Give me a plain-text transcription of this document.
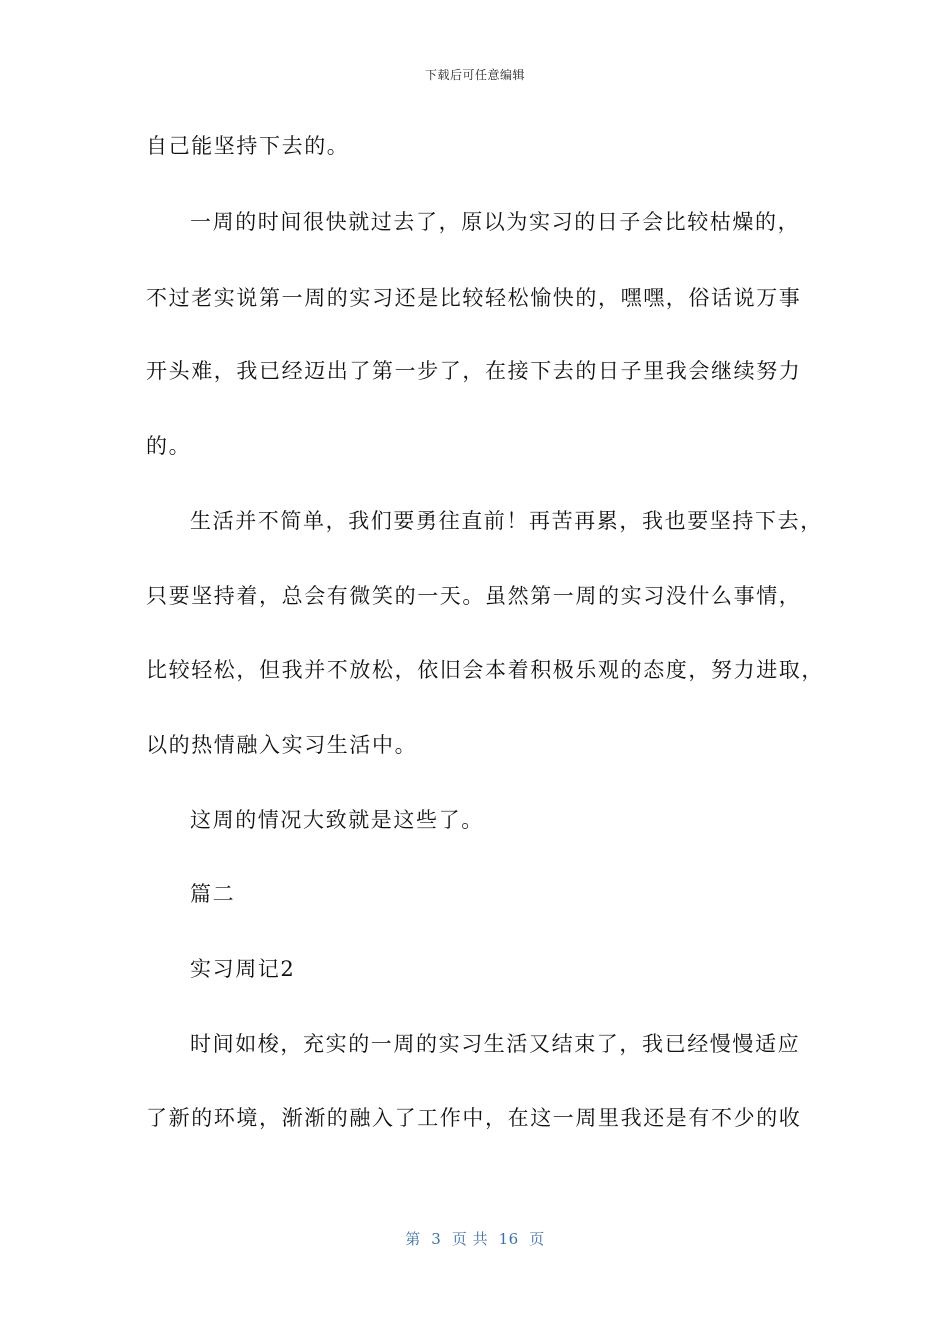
下载后可任意编辑
自己能坚持下去的。
一周的时间很快就过去了，原以为实习的日子会比较枯燥的，
不过老实说第一周的实习还是比较轻松愉快的，嘿嘿，俗话说万事
开头难，我已经迈出了第一步了，在接下去的日子里我会继续努力
的。
生活并不简单，我们要勇往直前！再苦再累，我也要坚持下去，
只要坚持着，总会有微笑的一天。虽然第一周的实习没什么事情，
比较轻松，但我并不放松，依旧会本着积极乐观的态度，努力进取，
以的热情融入实习生活中。
这周的情况大致就是这些了。
篇二
实习周记2
时间如梭，充实的一周的实习生活又结束了，我已经慢慢适应
了新的环境，渐渐的融入了工作中，在这一周里我还是有不少的收
第  3  页 共  16  页
